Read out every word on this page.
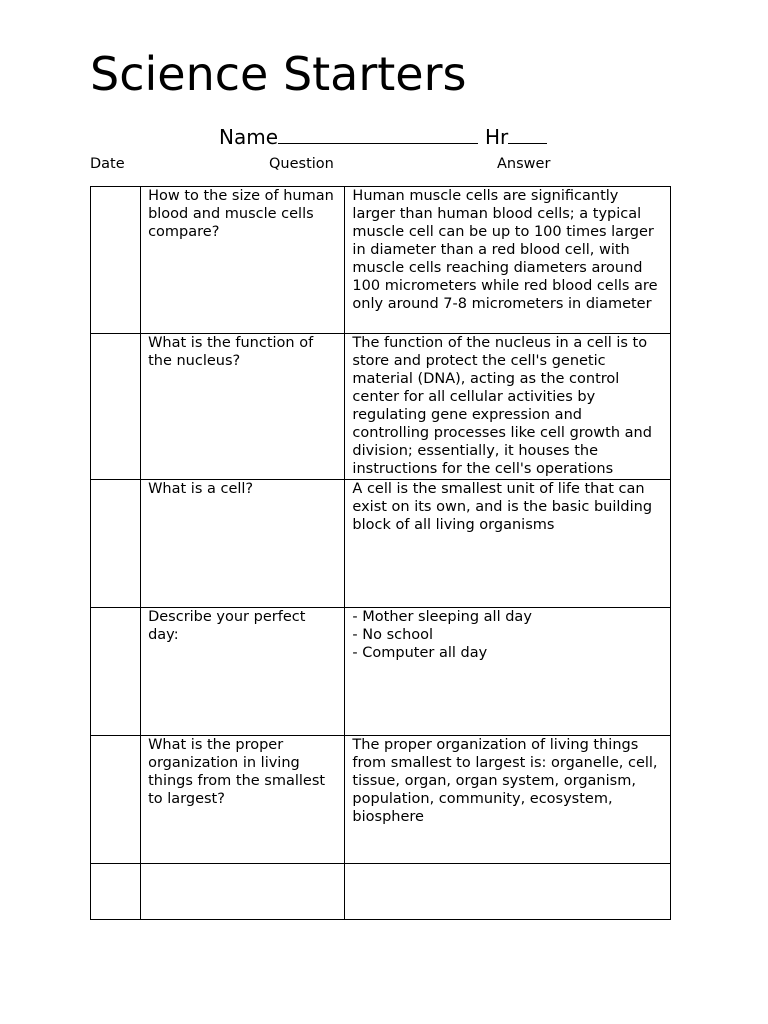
Science Starters
Name	Hr
Date	Question	Answer

	How to the size of human blood and muscle cells compare?	Human muscle cells are significantly larger than human blood cells; a typical muscle cell can be up to 100 times larger in diameter than a red blood cell, with muscle cells reaching diameters around 100 micrometers while red blood cells are only around 7-8 micrometers in diameter

	What is the function of the nucleus?	The function of the nucleus in a cell is to store and protect the cell's genetic material (DNA), acting as the control center for all cellular activities by regulating gene expression and controlling processes like cell growth and division; essentially, it houses the instructions for the cell's operations

	What is a cell?	A cell is the smallest unit of life that can exist on its own, and is the basic building block of all living organisms

	Describe your perfect day:	- Mother sleeping all day
- No school
- Computer all day

	What is the proper organization in living things from the smallest to largest?	The proper organization of living things from smallest to largest is: organelle, cell, tissue, organ, organ system, organism, population, community, ecosystem, biosphere
